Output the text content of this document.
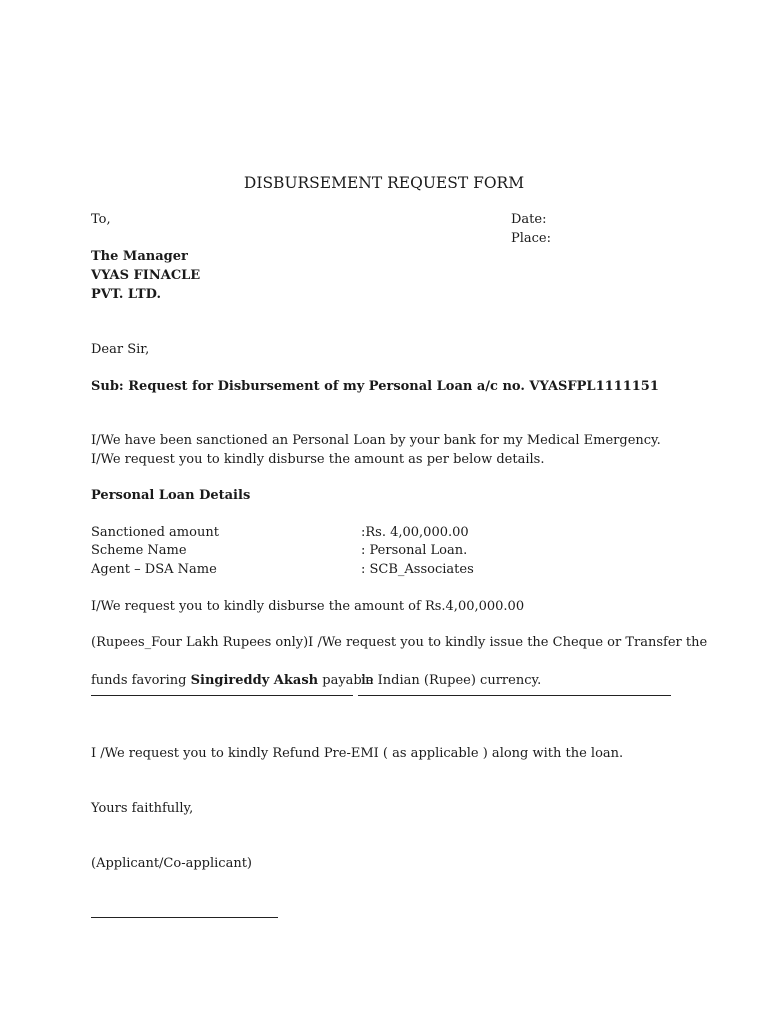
DISBURSEMENT REQUEST FORM
To,	Date:
Place:
The Manager
VYAS FINACLE
PVT. LTD.
Dear Sir,
Sub: Request for Disbursement of my Personal Loan a/c no. VYASFPL1111151
I/We have been sanctioned an Personal Loan by your bank for my Medical Emergency.
I/We request you to kindly disburse the amount as per below details.
Personal Loan Details
Sanctioned amount	:Rs. 4,00,000.00
Scheme Name	: Personal Loan.
Agent – DSA Name	: SCB_Associates
I/We request you to kindly disburse the amount of Rs.4,00,000.00
(Rupees_Four Lakh Rupees only)I /We request you to kindly issue the Cheque or Transfer the
funds favoring Singireddy Akash payable
in Indian (Rupee) currency.
I /We request you to kindly Refund Pre-EMI ( as applicable ) along with the loan.
Yours faithfully,
(Applicant/Co-applicant)
